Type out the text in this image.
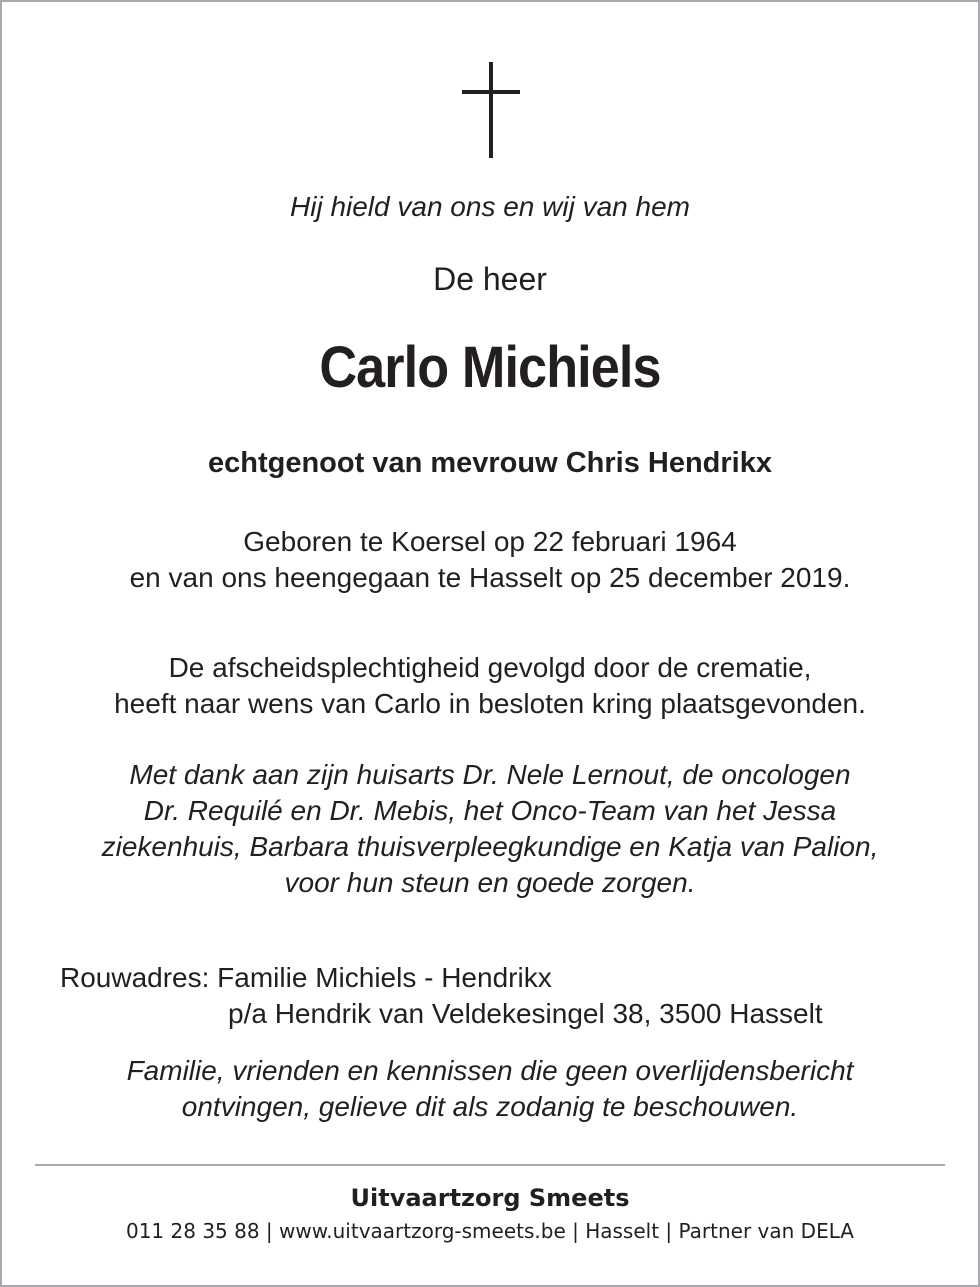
Hij hield van ons en wij van hem
De heer
Carlo Michiels
echtgenoot van mevrouw Chris Hendrikx
Geboren te Koersel op 22 februari 1964
en van ons heengegaan te Hasselt op 25 december 2019.
De afscheidsplechtigheid gevolgd door de crematie,
heeft naar wens van Carlo in besloten kring plaatsgevonden.
Met dank aan zijn huisarts Dr. Nele Lernout, de oncologen
Dr. Requilé en Dr. Mebis, het Onco-Team van het Jessa
ziekenhuis, Barbara thuisverpleegkundige en Katja van Palion,
voor hun steun en goede zorgen.
Rouwadres: Familie Michiels - Hendrikx
p/a Hendrik van Veldekesingel 38, 3500 Hasselt
Familie, vrienden en kennissen die geen overlijdensbericht
ontvingen, gelieve dit als zodanig te beschouwen.
Uitvaartzorg Smeets
011 28 35 88 | www.uitvaartzorg-smeets.be | Hasselt | Partner van DELA
